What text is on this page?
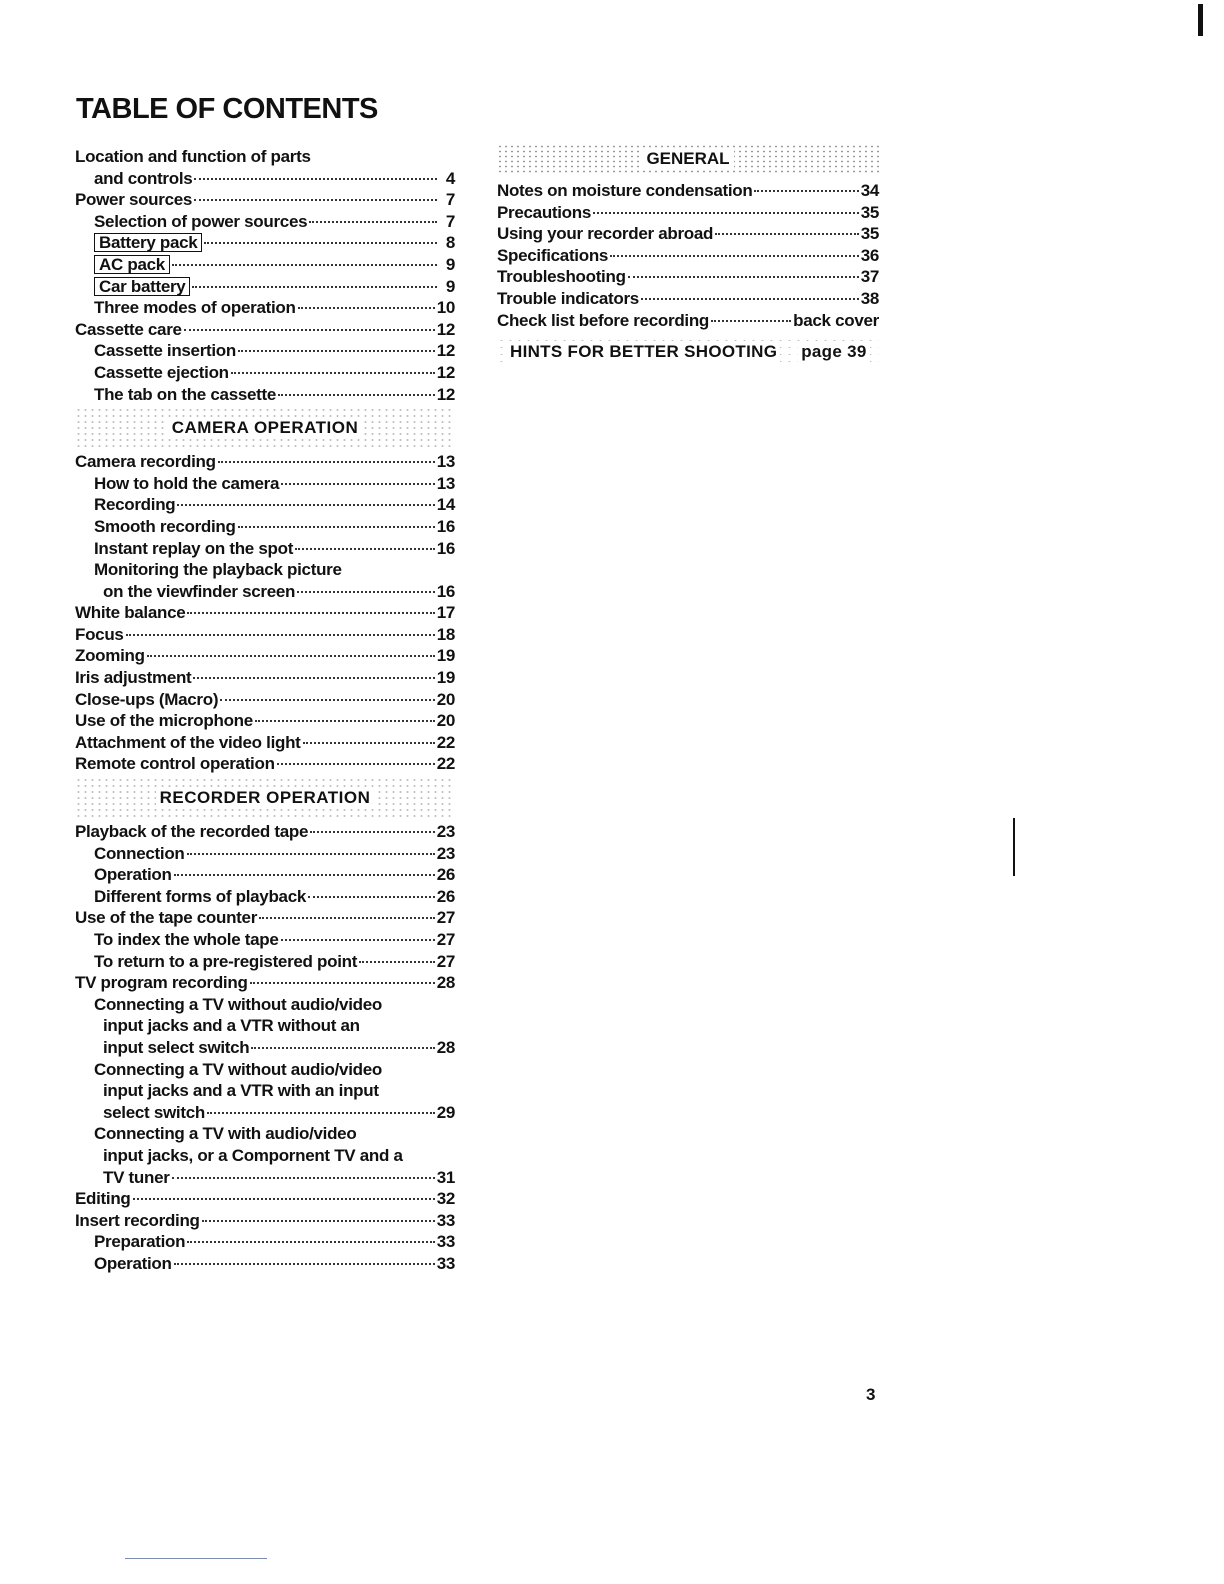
TABLE OF CONTENTS
Location and function of parts
and controls	4
Power sources	7
Selection of power sources	7
Battery pack	8
AC pack	9
Car battery	9
Three modes of operation	10
Cassette care	12
Cassette insertion	12
Cassette ejection	12
The tab on the cassette	12
CAMERA OPERATION
Camera recording	13
How to hold the camera	13
Recording	14
Smooth recording	16
Instant replay on the spot	16
Monitoring the playback picture
on the viewfinder screen	16
White balance	17
Focus	18
Zooming	19
Iris adjustment	19
Close-ups (Macro)	20
Use of the microphone	20
Attachment of the video light	22
Remote control operation	22
RECORDER OPERATION
Playback of the recorded tape	23
Connection	23
Operation	26
Different forms of playback	26
Use of the tape counter	27
To index the whole tape	27
To return to a pre-registered point	27
TV program recording	28
Connecting a TV without audio/video
input jacks and a VTR without an
input select switch	28
Connecting a TV without audio/video
input jacks and a VTR with an input
select switch	29
Connecting a TV with audio/video
input jacks, or a Compornent TV and a
TV tuner	31
Editing	32
Insert recording	33
Preparation	33
Operation	33
GENERAL
Notes on moisture condensation	34
Precautions	35
Using your recorder abroad	35
Specifications	36
Troubleshooting	37
Trouble indicators	38
Check list before recording	back cover
HINTS FOR BETTER SHOOTING page 39
3
